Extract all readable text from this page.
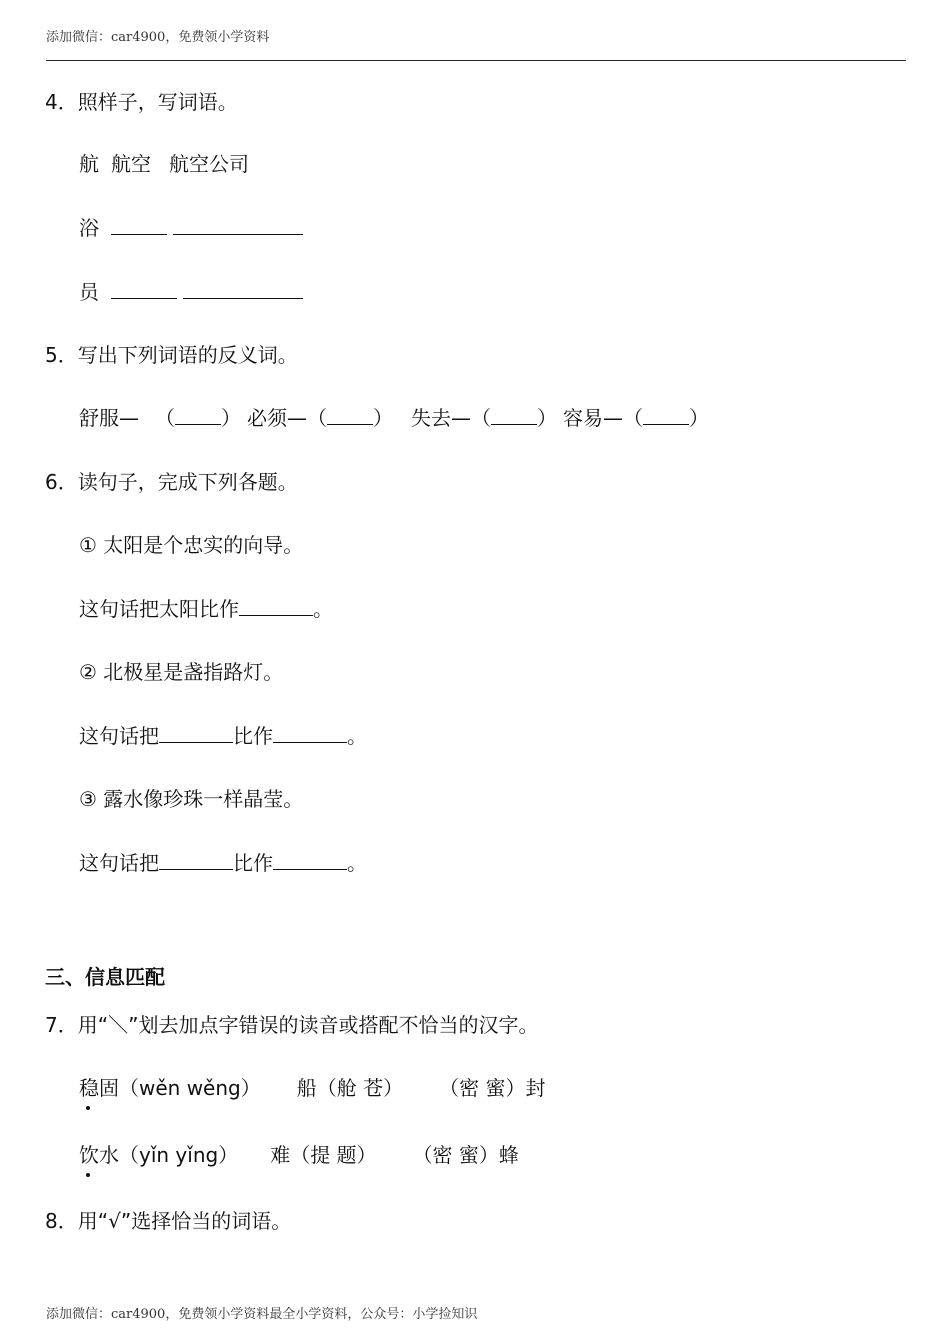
添加微信：car4900，免费领小学资料
4．照样子，写词语。
航 航空 航空公司
浴
员
5．写出下列词语的反义词。
舒服— （ ） 必须—（ ） 失去—（ ） 容易—（ ）
6．读句子，完成下列各题。
① 太阳是个忠实的向导。
这句话把太阳比作	。
② 北极星是盏指路灯。
这句话把	比作	。
③ 露水像珍珠一样晶莹。
这句话把	比作	。
三、信息匹配
7．用“＼”划去加点字错误的读音或搭配不恰当的汉字。
稳固（wěn wěng） 船（舱 苍） （密 蜜）封
饮水（yǐn yǐng） 难（提 题） （密 蜜）蜂
8．用“√”选择恰当的词语。
添加微信：car4900，免费领小学资料最全小学资料，公众号：小学捡知识
